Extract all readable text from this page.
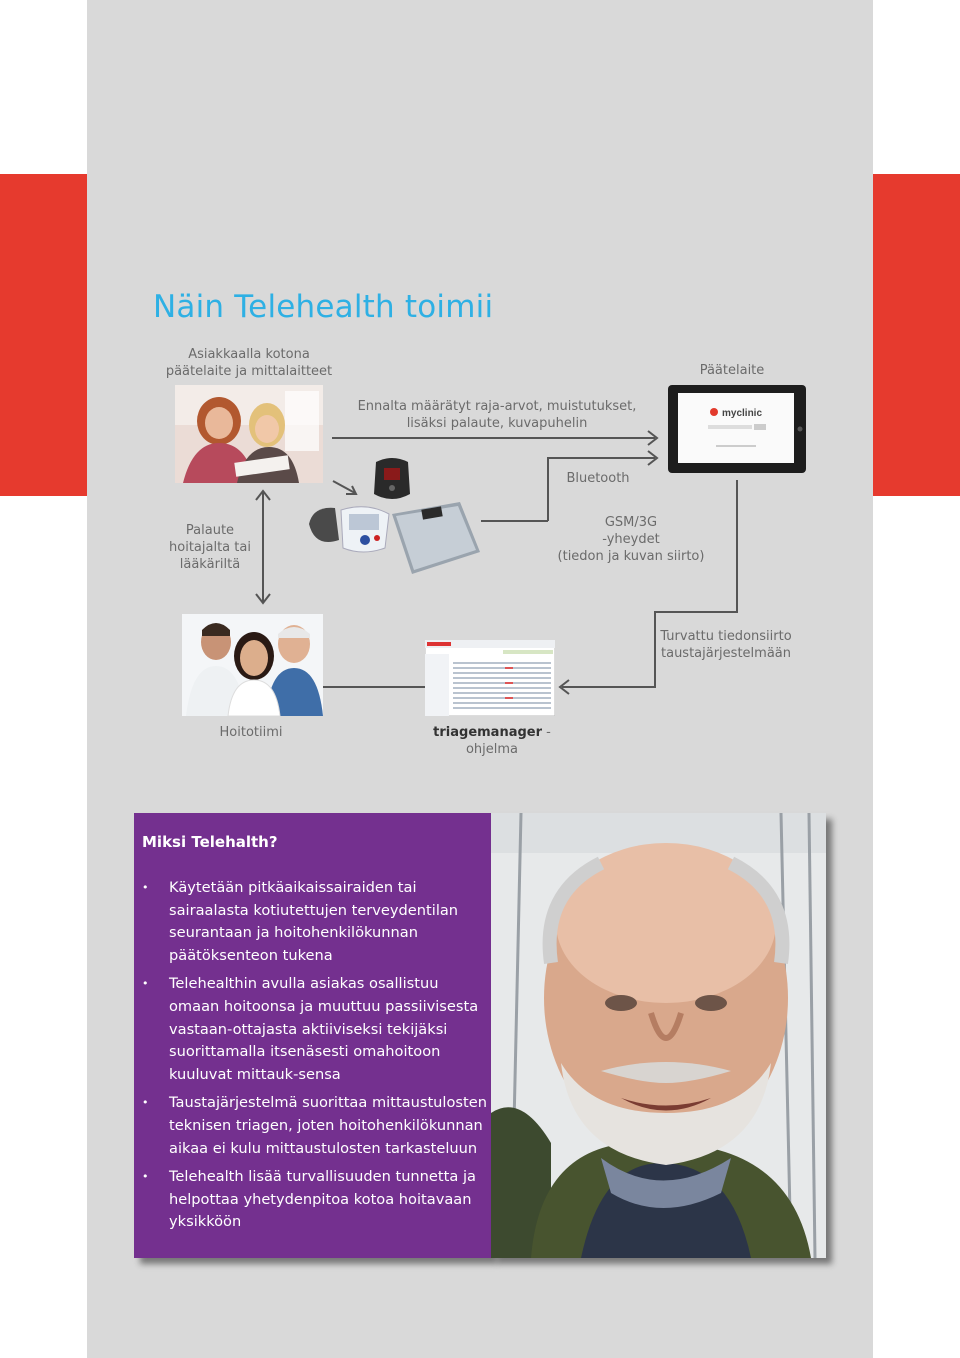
Näin Telehealth toimii
Asiakkaalla kotona
päätelaite ja mittalaitteet	Päätelaite
Ennalta määrätyt raja-arvot, muistutukset,
lisäksi palaute, kuvapuhelin
Bluetooth
Palaute
hoitajalta tai
lääkäriltä
GSM/3G
-yheydet
(tiedon ja kuvan siirto)
Turvattu tiedonsiirto
taustajärjestelmään
Hoitotiimi	triagemanager -ohjelma
myclinic
Miksi Telehalth?
• Käytetään pitkäaikaissairaiden tai sairaalasta kotiutettujen terveydentilan seurantaan ja hoitohenkilökunnan päätöksenteon tukena
• Telehealthin avulla asiakas osallistuu omaan hoitoonsa ja muuttuu passiivisesta vastaan-ottajasta aktiiviseksi tekijäksi suorittamalla itsenäsesti omahoitoon kuuluvat mittauk-sensa
• Taustajärjestelmä suorittaa mittaustulosten teknisen triagen, joten hoitohenkilökunnan aikaa ei kulu mittaustulosten tarkasteluun
• Telehealth lisää turvallisuuden tunnetta ja helpottaa yhetydenpitoa kotoa hoitavaan yksikköön
